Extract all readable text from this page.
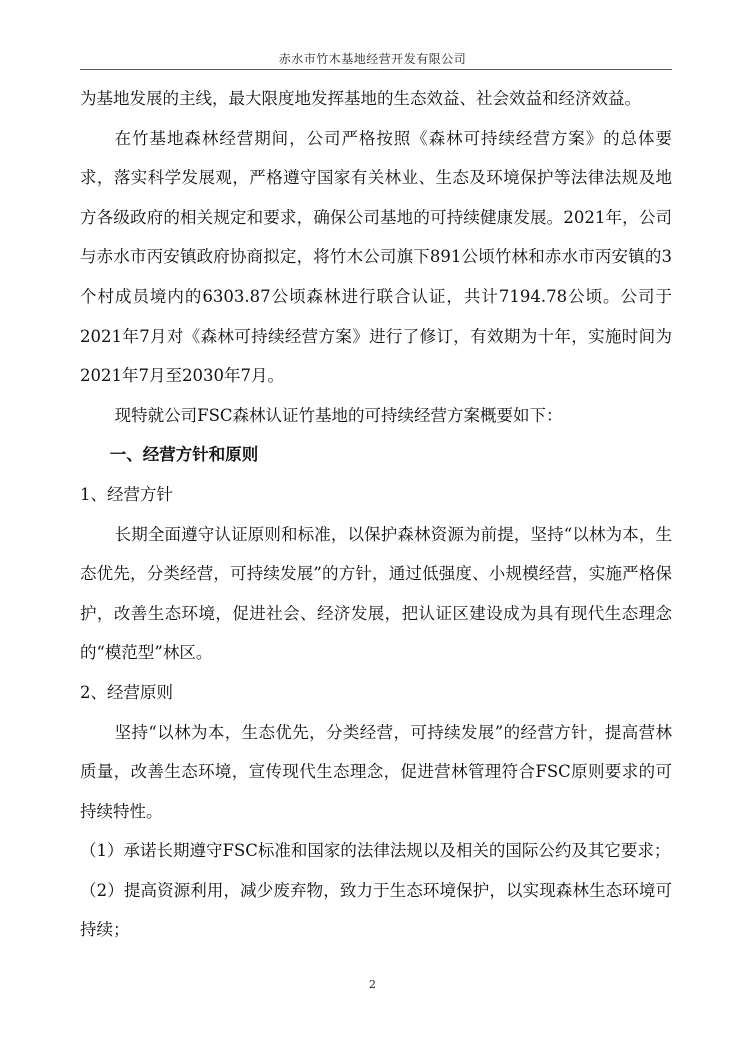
赤水市竹木基地经营开发有限公司

为基地发展的主线，最大限度地发挥基地的生态效益、社会效益和经济效益。

在竹基地森林经营期间，公司严格按照《森林可持续经营方案》的总体要求，落实科学发展观，严格遵守国家有关林业、生态及环境保护等法律法规及地方各级政府的相关规定和要求，确保公司基地的可持续健康发展。2021年，公司与赤水市丙安镇政府协商拟定，将竹木公司旗下891公顷竹林和赤水市丙安镇的3个村成员境内的6303.87公顷森林进行联合认证，共计7194.78公顷。公司于2021年7月对《森林可持续经营方案》进行了修订，有效期为十年，实施时间为2021年7月至2030年7月。

现特就公司FSC森林认证竹基地的可持续经营方案概要如下：

一、经营方针和原则

1、经营方针

长期全面遵守认证原则和标准，以保护森林资源为前提，坚持“以林为本，生态优先，分类经营，可持续发展”的方针，通过低强度、小规模经营，实施严格保护，改善生态环境，促进社会、经济发展，把认证区建设成为具有现代生态理念的“模范型”林区。

2、经营原则

坚持“以林为本，生态优先，分类经营，可持续发展”的经营方针，提高营林质量，改善生态环境，宣传现代生态理念，促进营林管理符合FSC原则要求的可持续特性。

（1）承诺长期遵守FSC标准和国家的法律法规以及相关的国际公约及其它要求；

（2）提高资源利用，减少废弃物，致力于生态环境保护，以实现森林生态环境可持续；

2
